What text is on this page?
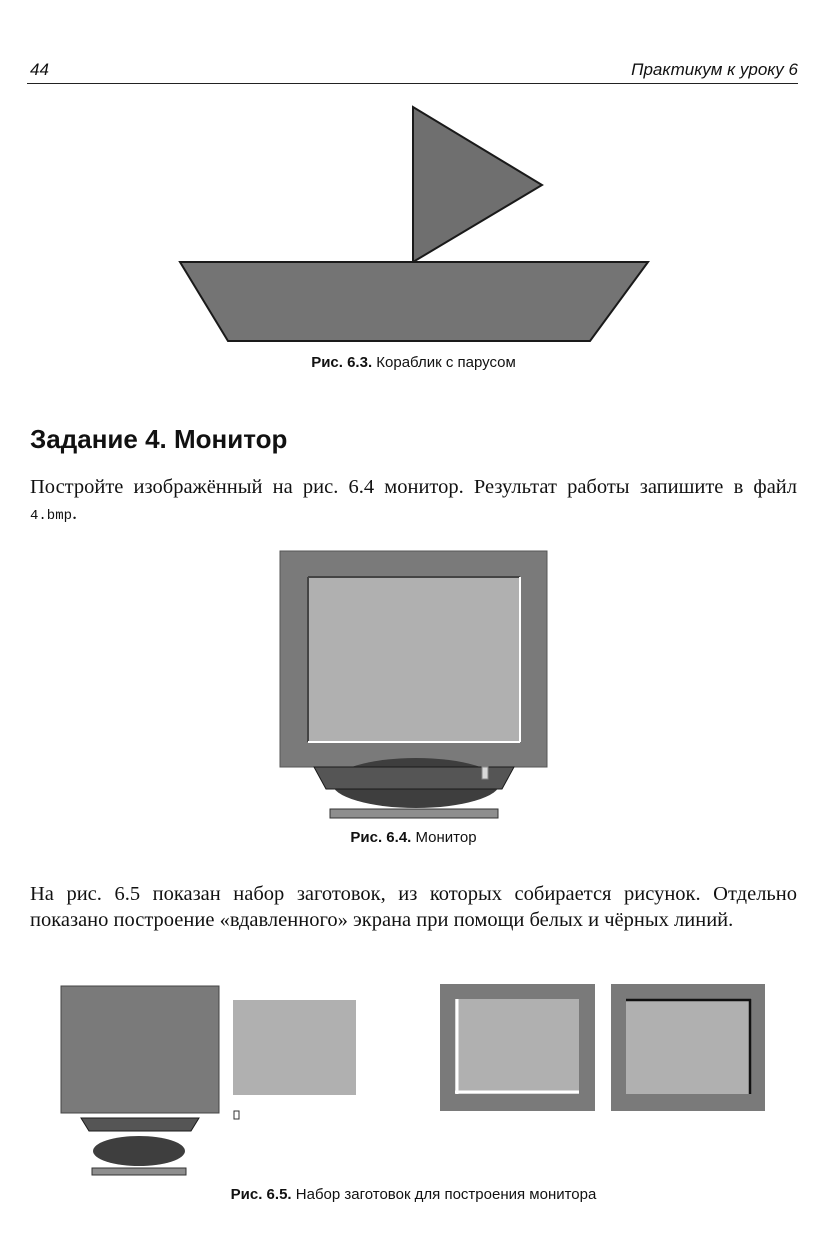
44	Практикум к уроку 6
Рис. 6.3. Кораблик с парусом
Задание 4. Монитор
Постройте изображённый на рис. 6.4 монитор. Результат работы запишите в файл 4.bmp.
Рис. 6.4. Монитор
На рис. 6.5 показан набор заготовок, из которых собирается рисунок. Отдельно показано построение «вдавленного» экрана при помощи белых и чёрных линий.
Рис. 6.5. Набор заготовок для построения монитора
